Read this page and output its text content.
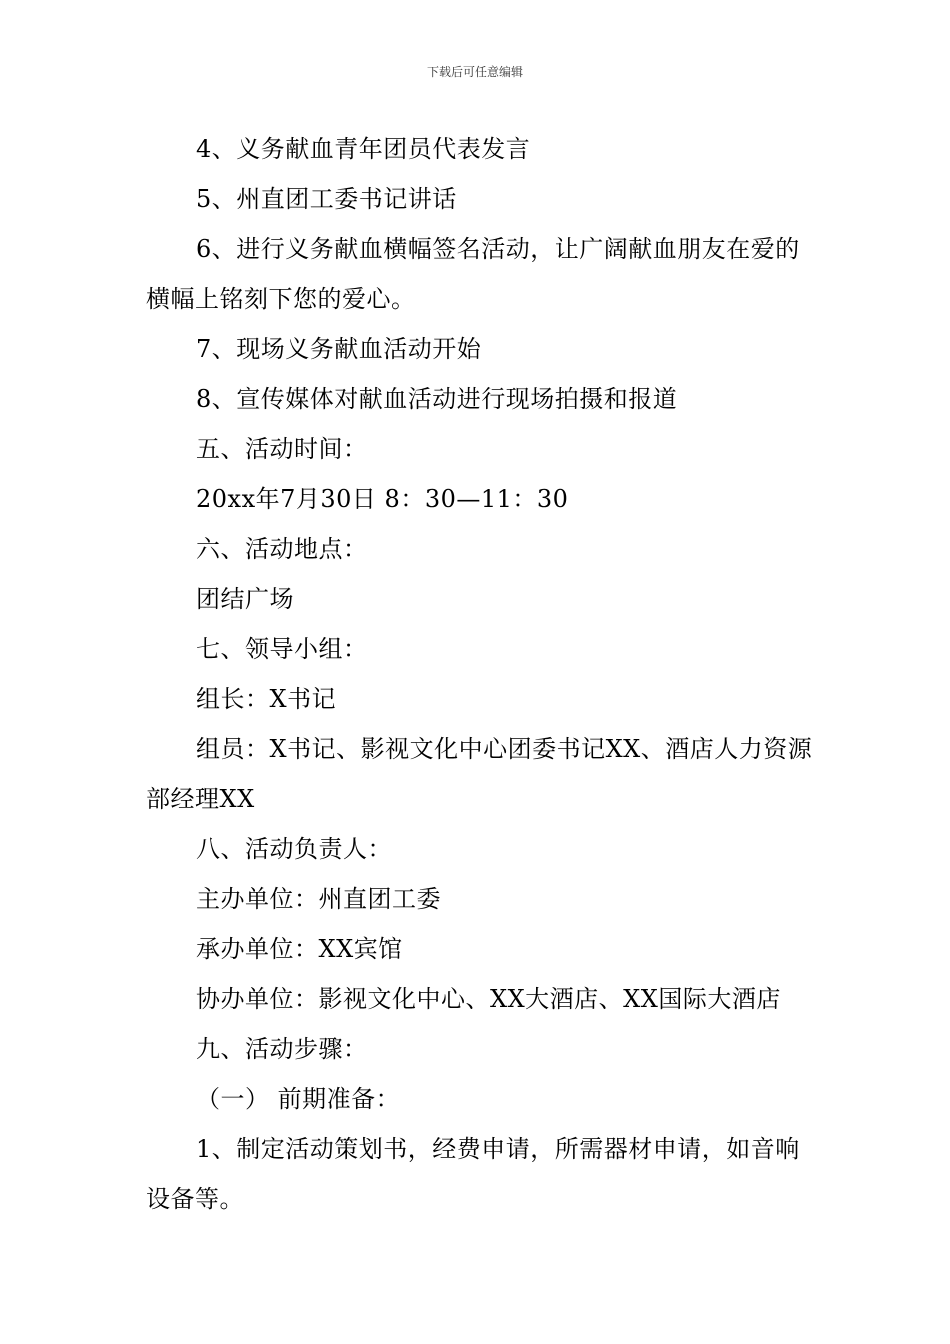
下载后可任意编辑

4、义务献血青年团员代表发言

5、州直团工委书记讲话

6、进行义务献血横幅签名活动，让广阔献血朋友在爱的横幅上铭刻下您的爱心。

7、现场义务献血活动开始

8、宣传媒体对献血活动进行现场拍摄和报道

五、活动时间：

20xx年7月30日 8：30—11：30

六、活动地点：

团结广场

七、领导小组：

组长：X书记

组员：X书记、影视文化中心团委书记XX、酒店人力资源部经理XX

八、活动负责人：

主办单位：州直团工委

承办单位：XX宾馆

协办单位：影视文化中心、XX大酒店、XX国际大酒店

九、活动步骤：

（一） 前期准备：

1、制定活动策划书，经费申请，所需器材申请，如音响设备等。
